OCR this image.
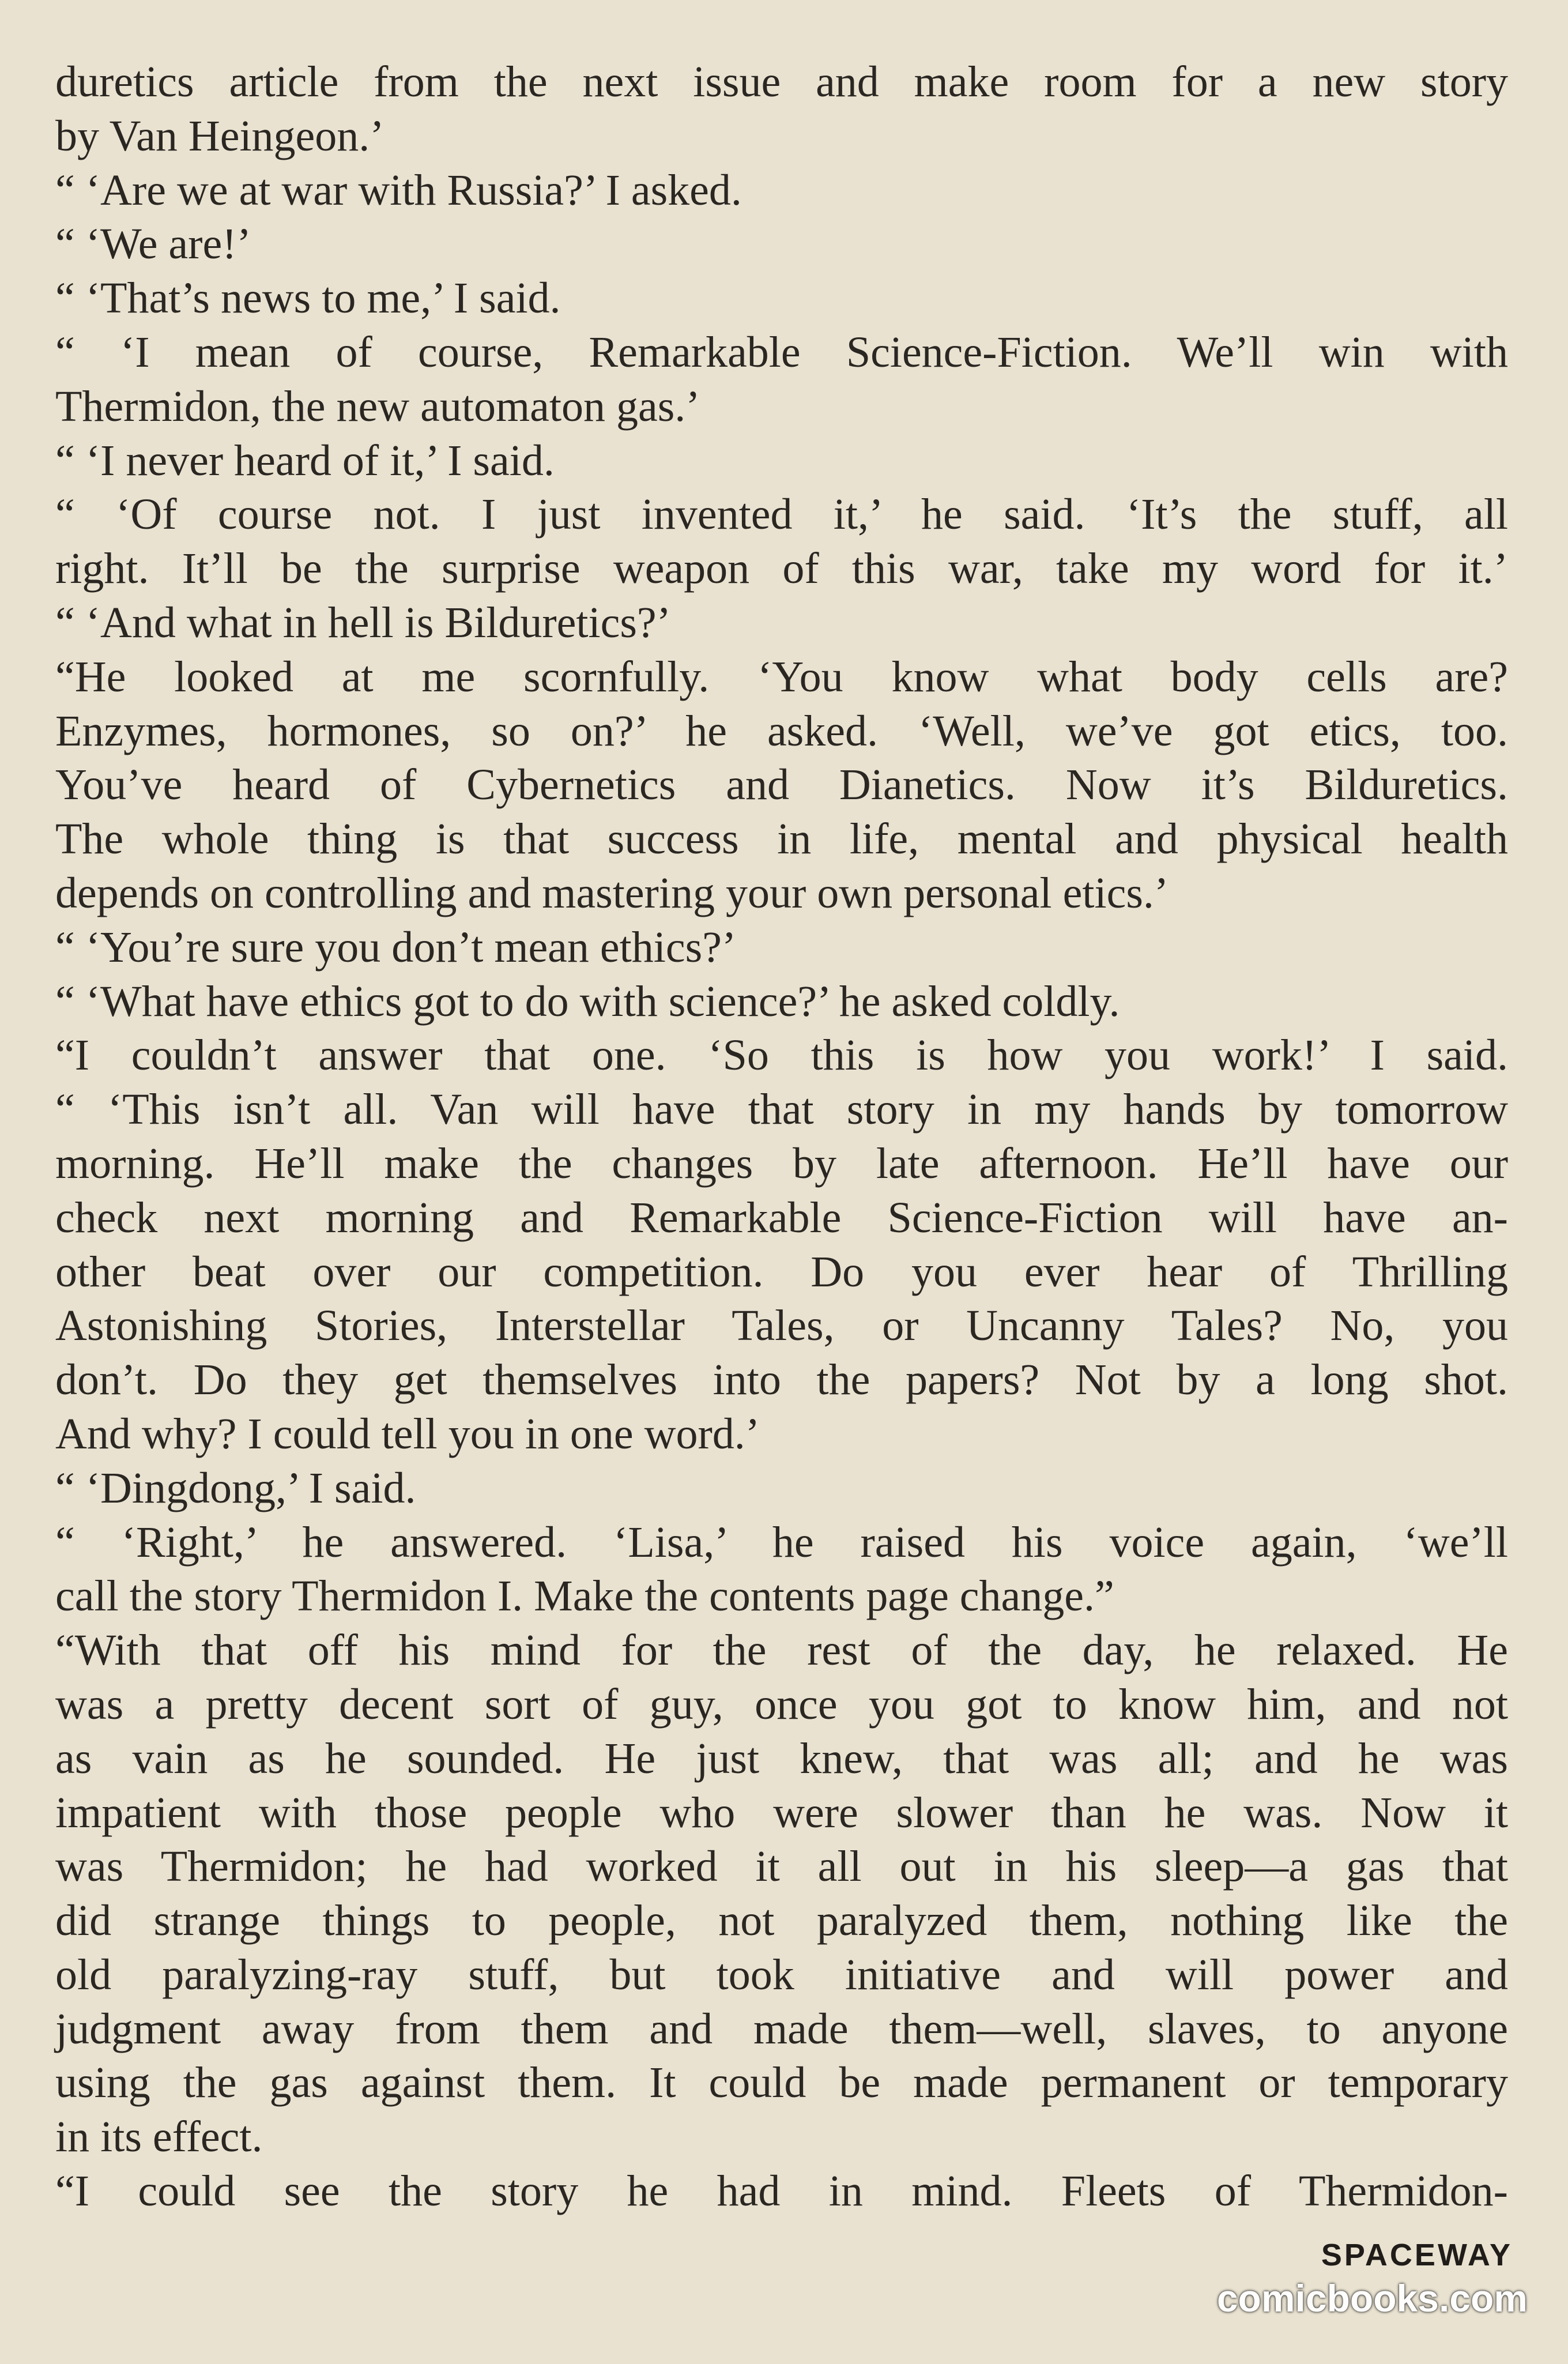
duretics article from the next issue and make room for a new story
by Van Heingeon.’
“ ‘Are we at war with Russia?’ I asked.
“ ‘We are!’
“ ‘That’s news to me,’ I said.
“ ‘I mean of course, Remarkable Science-Fiction. We’ll win with
Thermidon, the new automaton gas.’
“ ‘I never heard of it,’ I said.
“ ‘Of course not. I just invented it,’ he said. ‘It’s the stuff, all
right. It’ll be the surprise weapon of this war, take my word for it.’
“ ‘And what in hell is Bilduretics?’
“He looked at me scornfully. ‘You know what body cells are?
Enzymes, hormones, so on?’ he asked. ‘Well, we’ve got etics, too.
You’ve heard of Cybernetics and Dianetics. Now it’s Bilduretics.
The whole thing is that success in life, mental and physical health
depends on controlling and mastering your own personal etics.’
“ ‘You’re sure you don’t mean ethics?’
“ ‘What have ethics got to do with science?’ he asked coldly.
“I couldn’t answer that one. ‘So this is how you work!’ I said.
“ ‘This isn’t all. Van will have that story in my hands by tomorrow
morning. He’ll make the changes by late afternoon. He’ll have our
check next morning and Remarkable Science-Fiction will have an-
other beat over our competition. Do you ever hear of Thrilling
Astonishing Stories, Interstellar Tales, or Uncanny Tales? No, you
don’t. Do they get themselves into the papers? Not by a long shot.
And why? I could tell you in one word.’
“ ‘Dingdong,’ I said.
“ ‘Right,’ he answered. ‘Lisa,’ he raised his voice again, ‘we’ll
call the story Thermidon I. Make the contents page change.”
“With that off his mind for the rest of the day, he relaxed. He
was a pretty decent sort of guy, once you got to know him, and not
as vain as he sounded. He just knew, that was all; and he was
impatient with those people who were slower than he was. Now it
was Thermidon; he had worked it all out in his sleep—a gas that
did strange things to people, not paralyzed them, nothing like the
old paralyzing-ray stuff, but took initiative and will power and
judgment away from them and made them—well, slaves, to anyone
using the gas against them. It could be made permanent or temporary
in its effect.
“I could see the story he had in mind. Fleets of Thermidon-
SPACEWAY
comicbooks.com
